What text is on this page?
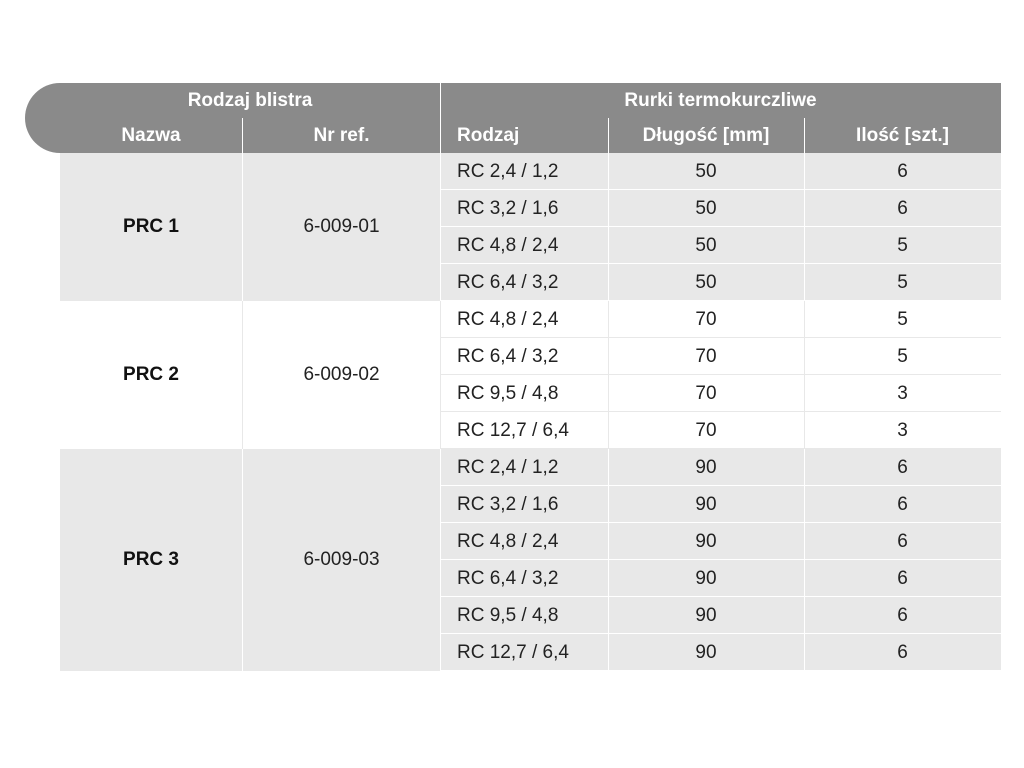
Rodzaj blistra	Rurki termokurczliwe
Nazwa	Nr ref.	Rodzaj	Długość [mm]	Ilość [szt.]
PRC 1	6-009-01
RC 2,4 / 1,2	50	6
RC 3,2 / 1,6	50	6
RC 4,8 / 2,4	50	5
RC 6,4 / 3,2	50	5
PRC 2	6-009-02
RC 4,8 / 2,4	70	5
RC 6,4 / 3,2	70	5
RC 9,5 / 4,8	70	3
RC 12,7 / 6,4	70	3
PRC 3	6-009-03
RC 2,4 / 1,2	90	6
RC 3,2 / 1,6	90	6
RC 4,8 / 2,4	90	6
RC 6,4 / 3,2	90	6
RC 9,5 / 4,8	90	6
RC 12,7 / 6,4	90	6
